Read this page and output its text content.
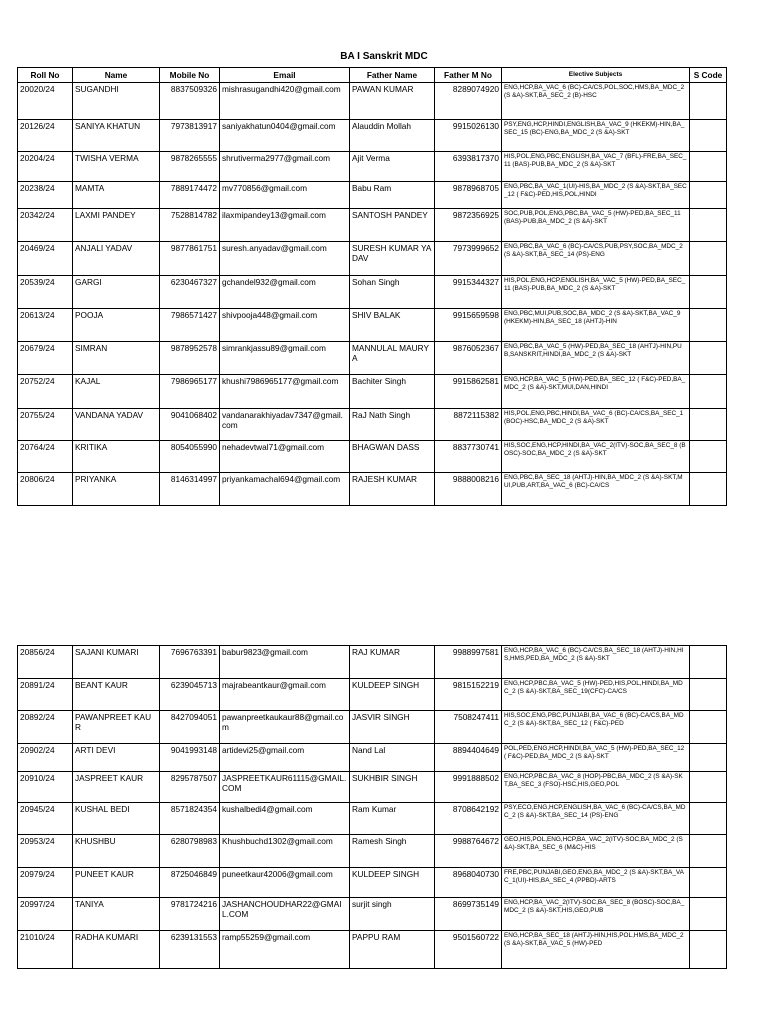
BA I Sanskrit MDC
Roll No	Name	Mobile No	Email	Father Name	Father M No	Elective Subjects	S Code
20020/24	SUGANDHI	8837509326	mishrasugandhi420@gmail.com	PAWAN KUMAR	8289074920	ENG,HCP,BA_VAC_6 (BC)-CA/CS,POL,SOC,HMS,BA_MDC_2 (S &A)-SKT,BA_SEC_2 (B)-HSC	
20126/24	SANIYA KHATUN	7973813917	saniyakhatun0404@gmail.com	Alauddin Mollah	9915026130	PSY,ENG,HCP,HINDI,ENGLISH,BA_VAC_9 (HKEKM)-HIN,BA_SEC_15 (BC)-ENG,BA_MDC_2 (S &A)-SKT	
20204/24	TWISHA VERMA	9878265555	shrutiverma2977@gmail.com	Ajit Verma	6393817370	HIS,POL,ENG,PBC,ENGLISH,BA_VAC_7 (BFL)-FRE,BA_SEC_11 (BAS)-PUB,BA_MDC_2 (S &A)-SKT	
20238/24	MAMTA	7889174472	mv770856@gmail.com	Babu Ram	9878968705	ENG,PBC,BA_VAC_1(UI)-HIS,BA_MDC_2 (S &A)-SKT,BA_SEC_12 ( F&C)-PED,HIS,POL,HINDI	
20342/24	LAXMI PANDEY	7528814782	ilaxmipandey13@gmail.com	SANTOSH PANDEY	9872356925	SOC,PUB,POL,ENG,PBC,BA_VAC_5 (HW)-PED,BA_SEC_11 (BAS)-PUB,BA_MDC_2 (S &A)-SKT	
20469/24	ANJALI YADAV	9877861751	suresh.anyadav@gmail.com	SURESH KUMAR YADAV	7973999652	ENG,PBC,BA_VAC_6 (BC)-CA/CS,PUB,PSY,SOC,BA_MDC_2 (S &A)-SKT,BA_SEC_14 (PS)-ENG	
20539/24	GARGI	6230467327	gchandel932@gmail.com	Sohan Singh	9915344327	HIS,POL,ENG,HCP,ENGLISH,BA_VAC_5 (HW)-PED,BA_SEC_11 (BAS)-PUB,BA_MDC_2 (S &A)-SKT	
20613/24	POOJA	7986571427	shivpooja448@gmail.com	SHIV BALAK	9915659598	ENG,PBC,MUI,PUB,SOC,BA_MDC_2 (S &A)-SKT,BA_VAC_9 (HKEKM)-HIN,BA_SEC_18 (AHTJ)-HIN	
20679/24	SIMRAN	9878952578	simrankjassu89@gmail.com	MANNULAL MAURYA	9876052367	ENG,PBC,BA_VAC_5 (HW)-PED,BA_SEC_18 (AHTJ)-HIN,PUB,SANSKRIT,HINDI,BA_MDC_2 (S &A)-SKT	
20752/24	KAJAL	7986965177	khushi7986965177@gmail.com	Bachiter Singh	9915862581	ENG,HCP,BA_VAC_5 (HW)-PED,BA_SEC_12 ( F&C)-PED,BA_MDC_2 (S &A)-SKT,MUI,DAN,HINDI	
20755/24	VANDANA YADAV	9041068402	vandanarakhiyadav7347@gmail.com	RaJ Nath Singh	8872115382	HIS,POL,ENG,PBC,HINDI,BA_VAC_6 (BC)-CA/CS,BA_SEC_1 (BOC)-HSC,BA_MDC_2 (S &A)-SKT	
20764/24	KRITIKA	8054055990	nehadevtwal71@gmail.com	BHAGWAN DASS	8837730741	HIS,SOC,ENG,HCP,HINDI,BA_VAC_2(ITV)-SOC,BA_SEC_8 (BOSC)-SOC,BA_MDC_2 (S &A)-SKT	
20806/24	PRIYANKA	8146314997	priyankamachal694@gmail.com	RAJESH KUMAR	9888008216	ENG,PBC,BA_SEC_18 (AHTJ)-HIN,BA_MDC_2 (S &A)-SKT,MUI,PUB,ART,BA_VAC_6 (BC)-CA/CS	
20856/24	SAJANI KUMARI	7696763391	babur9823@gmail.com	RAJ KUMAR	9988997581	ENG,HCP,BA_VAC_6 (BC)-CA/CS,BA_SEC_18 (AHTJ)-HIN,HIS,HMS,PED,BA_MDC_2 (S &A)-SKT	
20891/24	BEANT KAUR	6239045713	majrabeantkaur@gmail.com	KULDEEP SINGH	9815152219	ENG,HCP,PBC,BA_VAC_5 (HW)-PED,HIS,POL,HINDI,BA_MDC_2 (S &A)-SKT,BA_SEC_19(CFC)-CA/CS	
20892/24	PAWANPREET KAUR	8427094051	pawanpreetkaukaur88@gmail.com	JASVIR SINGH	7508247411	HIS,SOC,ENG,PBC,PUNJABI,BA_VAC_6 (BC)-CA/CS,BA_MDC_2 (S &A)-SKT,BA_SEC_12 ( F&C)-PED	
20902/24	ARTI DEVI	9041993148	artidevi25@gmail.com	Nand Lal	8894404649	POL,PED,ENG,HCP,HINDI,BA_VAC_5 (HW)-PED,BA_SEC_12 ( F&C)-PED,BA_MDC_2 (S &A)-SKT	
20910/24	JASPREET KAUR	8295787507	JASPREETKAUR61115@GMAIL.COM	SUKHBIR SINGH	9991888502	ENG,HCP,PBC,BA_VAC_8 (HOP)-PBC,BA_MDC_2 (S &A)-SKT,BA_SEC_3 (FSO)-HSC,HIS,GEO,POL	
20945/24	KUSHAL BEDI	8571824354	kushalbedi4@gmail.com	Ram Kumar	8708642192	PSY,ECO,ENG,HCP,ENGLISH,BA_VAC_6 (BC)-CA/CS,BA_MDC_2 (S &A)-SKT,BA_SEC_14 (PS)-ENG	
20953/24	KHUSHBU	6280798983	Khushbuchd1302@gmail.com	Ramesh Singh	9988764672	GEO,HIS,POL,ENG,HCP,BA_VAC_2(ITV)-SOC,BA_MDC_2 (S &A)-SKT,BA_SEC_6 (M&C)-HIS	
20979/24	PUNEET KAUR	8725046849	puneetkaur42006@gmail.com	KULDEEP SINGH	8968040730	FRE,PBC,PUNJABI,GEO,ENG,BA_MDC_2 (S &A)-SKT,BA_VAC_1(UI)-HIS,BA_SEC_4 (PPBD)-ARTS	
20997/24	TANIYA	9781724216	JASHANCHOUDHAR22@GMAIL.COM	surjit singh	8699735149	ENG,HCP,BA_VAC_2(ITV)-SOC,BA_SEC_8 (BOSC)-SOC,BA_MDC_2 (S &A)-SKT,HIS,GEO,PUB	
21010/24	RADHA KUMARI	6239131553	ramp55259@gmail.com	PAPPU RAM	9501560722	ENG,HCP,BA_SEC_18 (AHTJ)-HIN,HIS,POL,HMS,BA_MDC_2 (S &A)-SKT,BA_VAC_5 (HW)-PED	
